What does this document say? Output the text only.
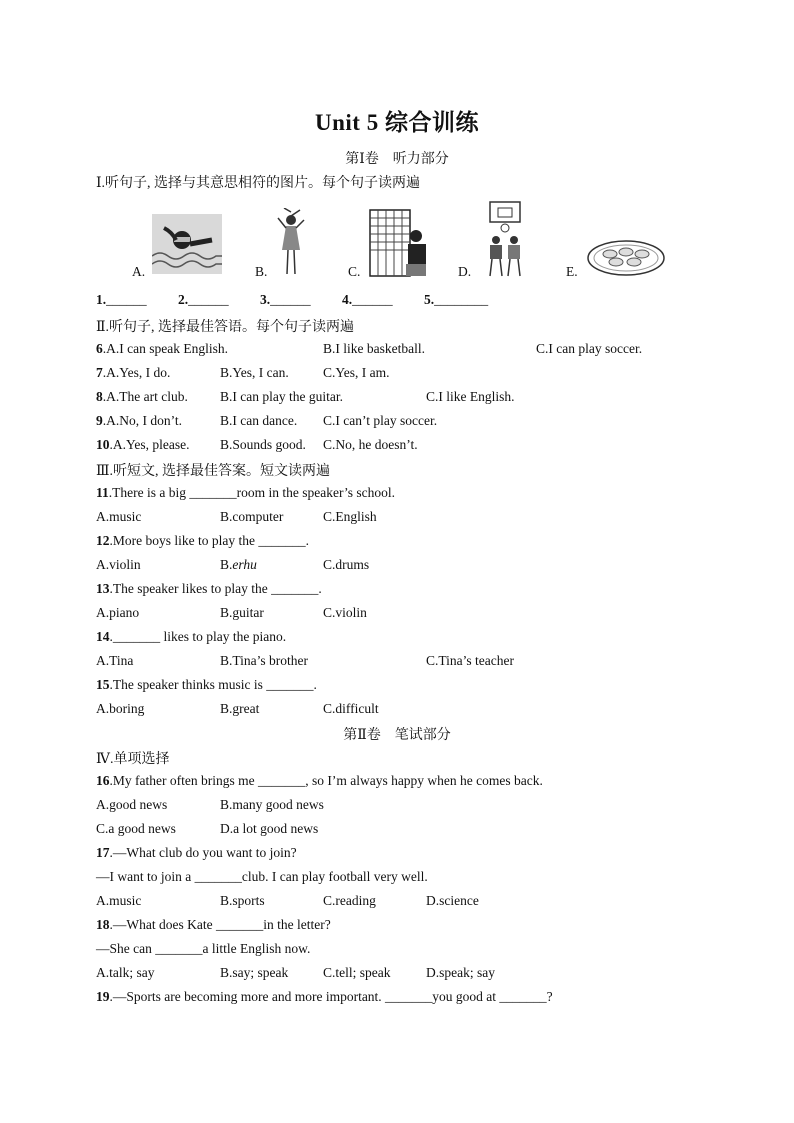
Unit 5 综合训练
第Ⅰ卷　听力部分
Ⅰ.听句子, 选择与其意思相符的图片。每个句子读两遍
A.	B.	C.	D.	E.
1.______ 2.______ 3.______ 4.______ 5.________
Ⅱ.听句子, 选择最佳答语。每个句子读两遍
6.A.I can speak English.	B.I like basketball.	C.I can play soccer.
7.A.Yes, I do.	B.Yes, I can.	C.Yes, I am.
8.A.The art club. B.I can play the guitar.	C.I like English.
9.A.No, I don’t.	B.I can dance. C.I can’t play soccer.
10.A.Yes, please. B.Sounds good. C.No, he doesn’t.
Ⅲ.听短文, 选择最佳答案。短文读两遍
11.There is a big _______room in the speaker’s school.
A.music	B.computer	C.English
12.More boys like to play the _______.
A.violin	B.erhu	C.drums
13.The speaker likes to play the _______.
A.piano	B.guitar	C.violin
14._______ likes to play the piano.
A.Tina	B.Tina’s brother	C.Tina’s teacher
15.The speaker thinks music is _______.
A.boring	B.great	C.difficult
第Ⅱ卷　笔试部分
Ⅳ.单项选择
16.My father often brings me _______, so I’m always happy when he comes back.
A.good news	B.many good news
C.a good news	D.a lot good news
17.—What club do you want to join?
—I want to join a _______club. I can play football very well.
A.music	B.sports	C.reading	D.science
18.—What does Kate _______in the letter?
—She can _______a little English now.
A.talk; say	B.say; speak	C.tell; speak	D.speak; say
19.—Sports are becoming more and more important. _______you good at _______?
